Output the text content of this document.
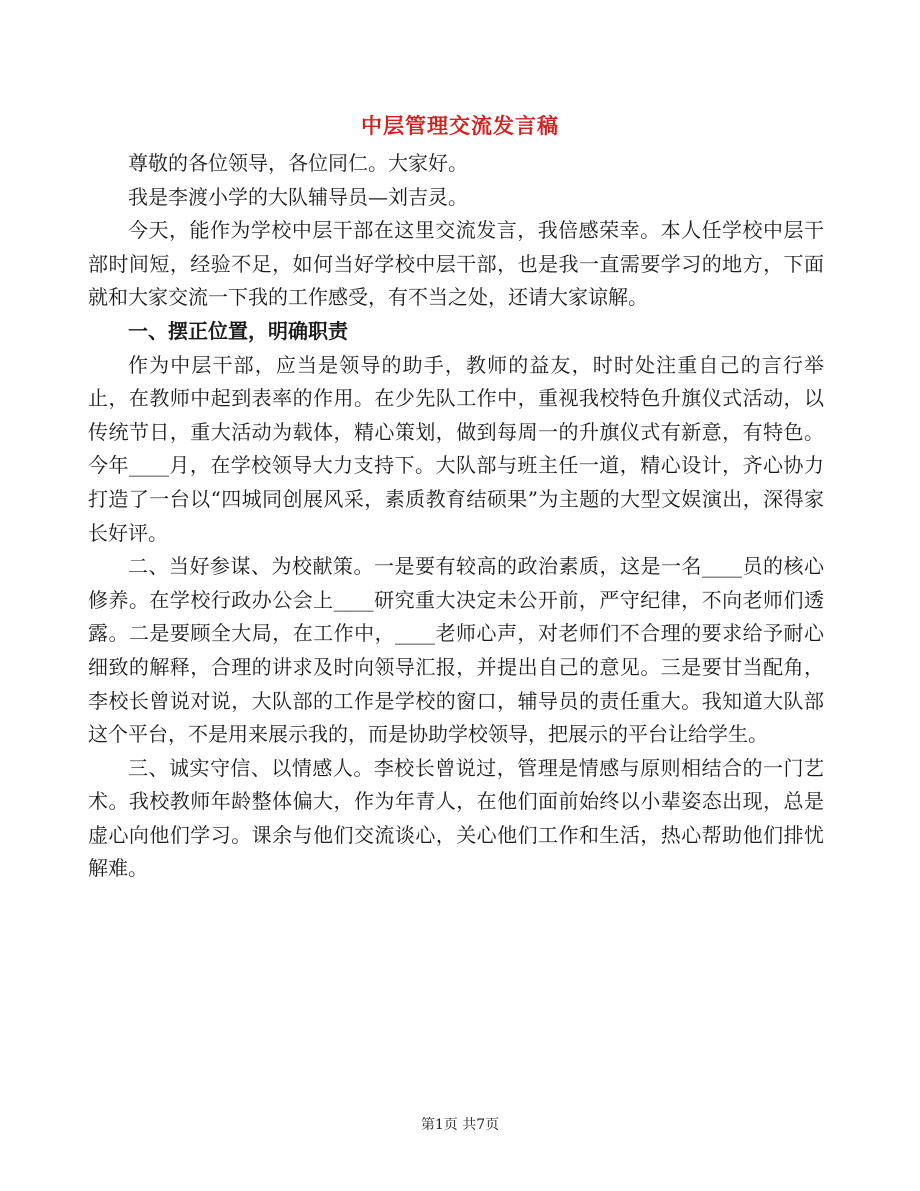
中层管理交流发言稿

尊敬的各位领导，各位同仁。大家好。

我是李渡小学的大队辅导员—刘吉灵。

今天，能作为学校中层干部在这里交流发言，我倍感荣幸。本人任学校中层干部时间短，经验不足，如何当好学校中层干部，也是我一直需要学习的地方，下面就和大家交流一下我的工作感受，有不当之处，还请大家谅解。

一、摆正位置，明确职责

作为中层干部，应当是领导的助手，教师的益友，时时处注重自己的言行举止，在教师中起到表率的作用。在少先队工作中，重视我校特色升旗仪式活动，以传统节日，重大活动为载体，精心策划，做到每周一的升旗仪式有新意，有特色。今年____月，在学校领导大力支持下。大队部与班主任一道，精心设计，齐心协力打造了一台以“四城同创展风采，素质教育结硕果”为主题的大型文娱演出，深得家长好评。

二、当好参谋、为校献策。一是要有较高的政治素质，这是一名____员的核心修养。在学校行政办公会上____研究重大决定未公开前，严守纪律，不向老师们透露。二是要顾全大局，在工作中，____老师心声，对老师们不合理的要求给予耐心细致的解释，合理的讲求及时向领导汇报，并提出自己的意见。三是要甘当配角，李校长曾说对说，大队部的工作是学校的窗口，辅导员的责任重大。我知道大队部这个平台，不是用来展示我的，而是协助学校领导，把展示的平台让给学生。

三、诚实守信、以情感人。李校长曾说过，管理是情感与原则相结合的一门艺术。我校教师年龄整体偏大，作为年青人，在他们面前始终以小辈姿态出现，总是虚心向他们学习。课余与他们交流谈心，关心他们工作和生活，热心帮助他们排忧解难。

第1页 共7页
